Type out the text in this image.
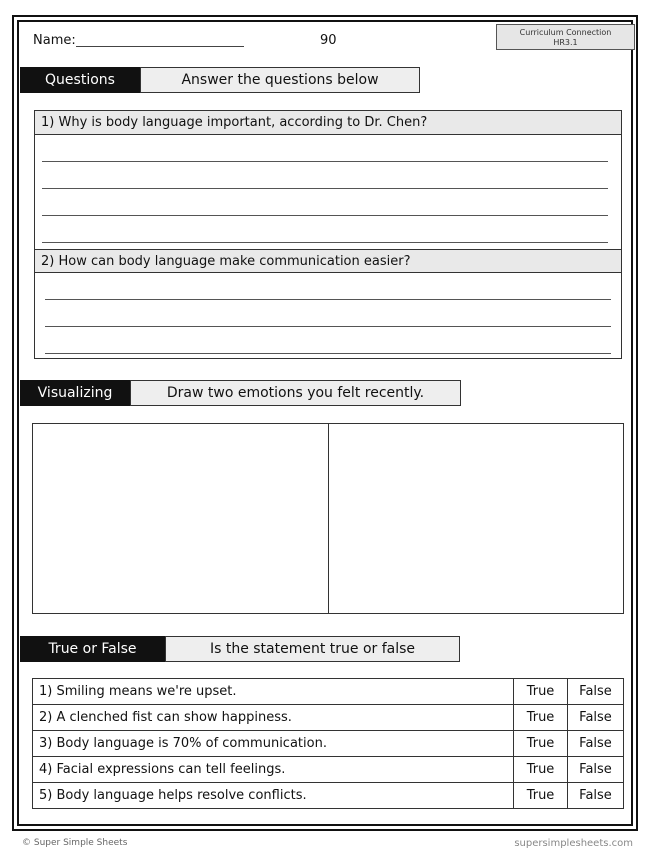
Name:	90
Curriculum Connection
HR3.1
Questions	Answer the questions below
1) Why is body language important, according to Dr. Chen?
2) How can body language make communication easier?
Visualizing	Draw two emotions you felt recently.
True or False	Is the statement true or false
1) Smiling means we're upset.	True	False
2) A clenched fist can show happiness.	True	False
3) Body language is 70% of communication.	True	False
4) Facial expressions can tell feelings.	True	False
5) Body language helps resolve conflicts.	True	False
© Super Simple Sheets	supersimplesheets.com
